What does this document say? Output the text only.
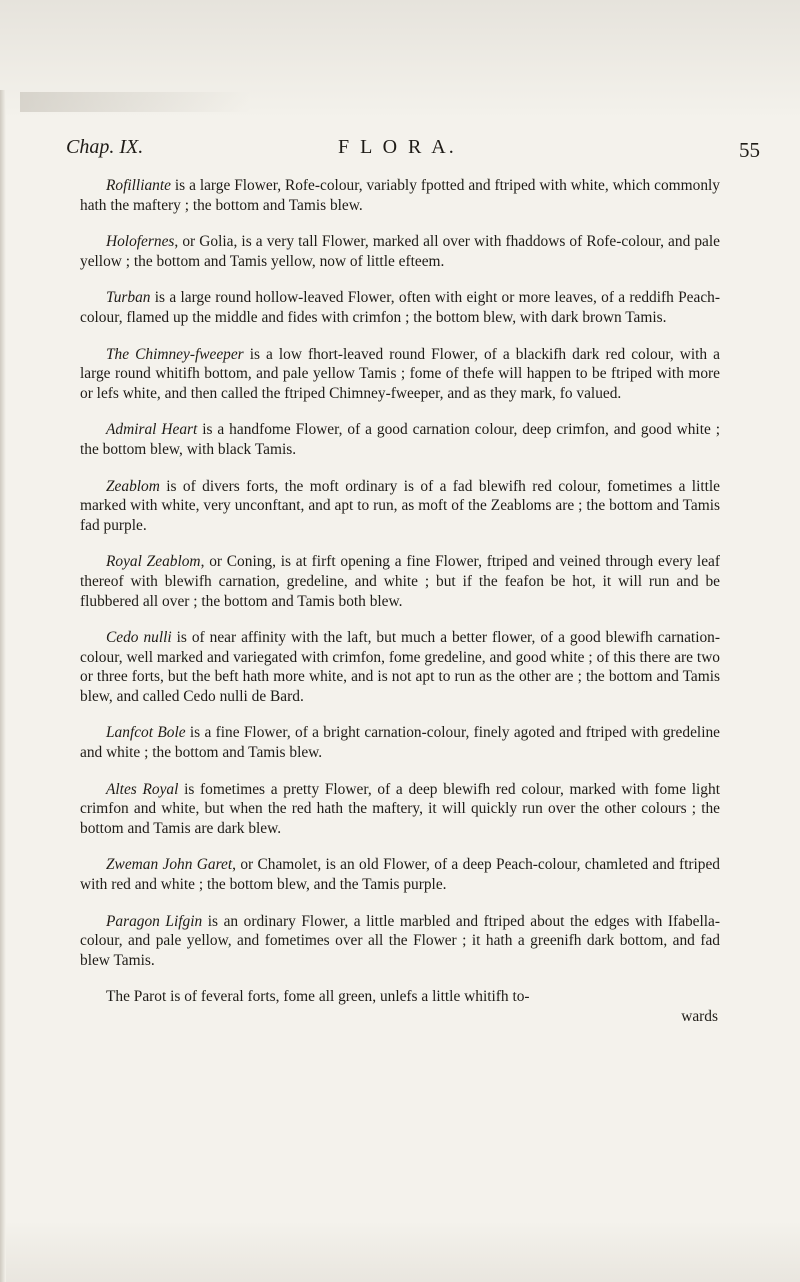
Chap. IX.	F L O R A.	55

Rofilliante is a large Flower, Rofe-colour, variably fpotted and ftriped with white, which commonly hath the maftery ; the bottom and Tamis blew.

Holofernes, or Golia, is a very tall Flower, marked all over with fhaddows of Rofe-colour, and pale yellow ; the bottom and Tamis yellow, now of little efteem.

Turban is a large round hollow-leaved Flower, often with eight or more leaves, of a reddifh Peach-colour, flamed up the middle and fides with crimfon ; the bottom blew, with dark brown Tamis.

The Chimney-fweeper is a low fhort-leaved round Flower, of a blackifh dark red colour, with a large round whitifh bottom, and pale yellow Tamis ; fome of thefe will happen to be ftriped with more or lefs white, and then called the ftriped Chimney-fweeper, and as they mark, fo valued.

Admiral Heart is a handfome Flower, of a good carnation colour, deep crimfon, and good white ; the bottom blew, with black Tamis.

Zeablom is of divers forts, the moft ordinary is of a fad blewifh red colour, fometimes a little marked with white, very unconftant, and apt to run, as moft of the Zeabloms are ; the bottom and Tamis fad purple.

Royal Zeablom, or Coning, is at firft opening a fine Flower, ftriped and veined through every leaf thereof with blewifh carnation, gredeline, and white ; but if the feafon be hot, it will run and be flubbered all over ; the bottom and Tamis both blew.

Cedo nulli is of near affinity with the laft, but much a better flower, of a good blewifh carnation-colour, well marked and variegated with crimfon, fome gredeline, and good white ; of this there are two or three forts, but the beft hath more white, and is not apt to run as the other are ; the bottom and Tamis blew, and called Cedo nulli de Bard.

Lanfcot Bole is a fine Flower, of a bright carnation-colour, finely agoted and ftriped with gredeline and white ; the bottom and Tamis blew.

Altes Royal is fometimes a pretty Flower, of a deep blewifh red colour, marked with fome light crimfon and white, but when the red hath the maftery, it will quickly run over the other colours ; the bottom and Tamis are dark blew.

Zweman John Garet, or Chamolet, is an old Flower, of a deep Peach-colour, chamleted and ftriped with red and white ; the bottom blew, and the Tamis purple.

Paragon Lifgin is an ordinary Flower, a little marbled and ftriped about the edges with Ifabella-colour, and pale yellow, and fometimes over all the Flower ; it hath a greenifh dark bottom, and fad blew Tamis.

The Parot is of feveral forts, fome all green, unlefs a little whitifh to-

wards
